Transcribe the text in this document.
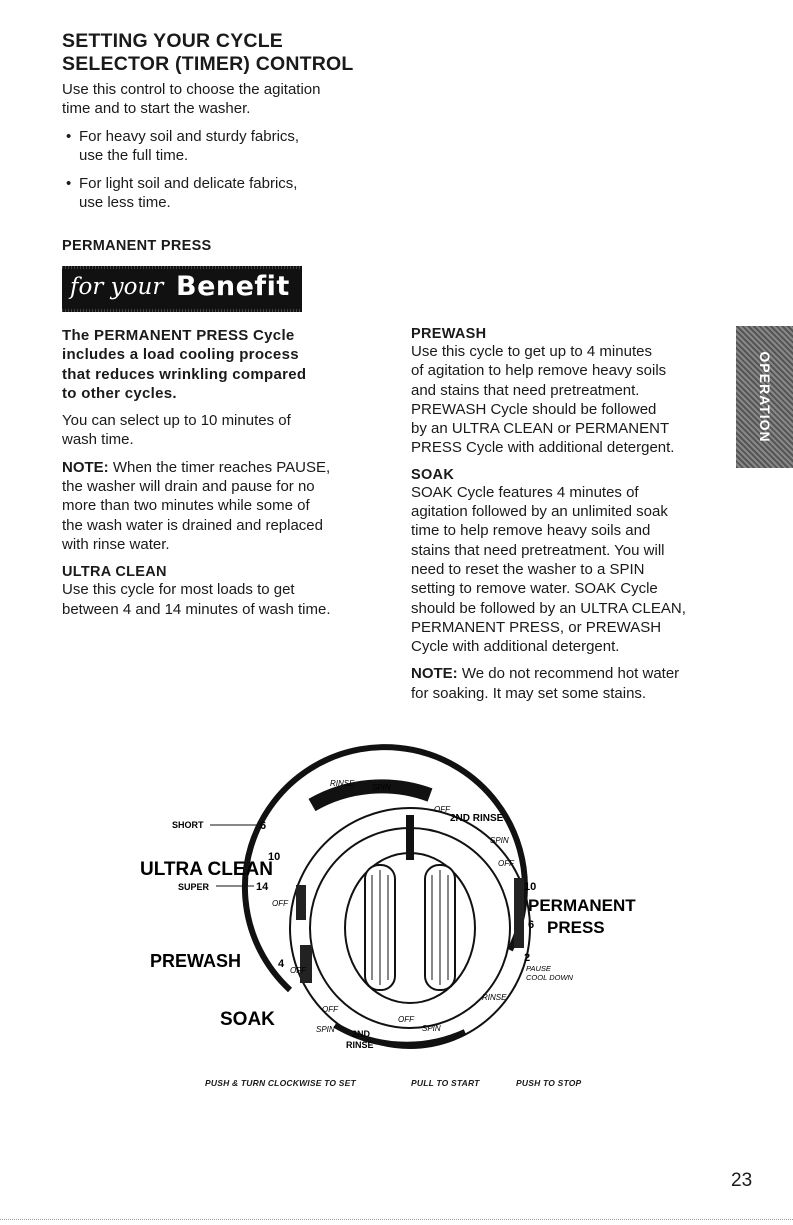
SETTING YOUR CYCLE
SELECTOR (TIMER) CONTROL
Use this control to choose the agitation
time and to start the washer.
• For heavy soil and sturdy fabrics,
use the full time.
• For light soil and delicate fabrics,
use less time.
PERMANENT PRESS
for your Benefit
The PERMANENT PRESS Cycle
includes a load cooling process
that reduces wrinkling compared
to other cycles.
You can select up to 10 minutes of
wash time.
NOTE: When the timer reaches PAUSE,
the washer will drain and pause for no
more than two minutes while some of
the wash water is drained and replaced
with rinse water.
ULTRA CLEAN
Use this cycle for most loads to get
between 4 and 14 minutes of wash time.
PREWASH
Use this cycle to get up to 4 minutes
of agitation to help remove heavy soils
and stains that need pretreatment.
PREWASH Cycle should be followed
by an ULTRA CLEAN or PERMANENT
PRESS Cycle with additional detergent.
SOAK
SOAK Cycle features 4 minutes of
agitation followed by an unlimited soak
time to help remove heavy soils and
stains that need pretreatment. You will
need to reset the washer to a SPIN
setting to remove water. SOAK Cycle
should be followed by an ULTRA CLEAN,
PERMANENT PRESS, or PREWASH
Cycle with additional detergent.
NOTE: We do not recommend hot water
for soaking. It may set some stains.
OPERATION
SHORT	6
10
ULTRA CLEAN
SUPER	14
OFF
PREWASH	4
OFF
SOAK	OFF
SPIN 2ND
RINSE
OFF
SPIN
RINSE
RINSE SPIN
OFF
2ND RINSE
SPIN
OFF
10
PERMANENT
6 PRESS
2
PAUSE
COOL DOWN
PUSH & TURN CLOCKWISE TO SET	PULL TO START	PUSH TO STOP
23
